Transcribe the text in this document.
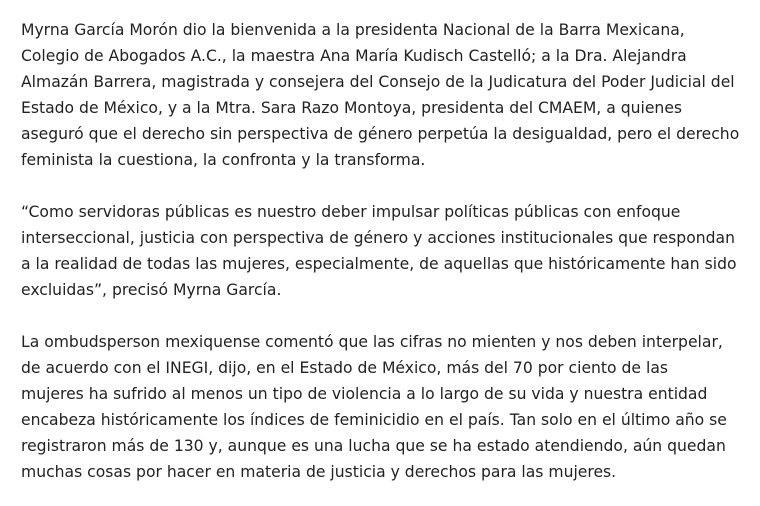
Myrna García Morón dio la bienvenida a la presidenta Nacional de la Barra Mexicana,
Colegio de Abogados A.C., la maestra Ana María Kudisch Castelló; a la Dra. Alejandra
Almazán Barrera, magistrada y consejera del Consejo de la Judicatura del Poder Judicial del
Estado de México, y a la Mtra. Sara Razo Montoya, presidenta del CMAEM, a quienes
aseguró que el derecho sin perspectiva de género perpetúa la desigualdad, pero el derecho
feminista la cuestiona, la confronta y la transforma.

“Como servidoras públicas es nuestro deber impulsar políticas públicas con enfoque
interseccional, justicia con perspectiva de género y acciones institucionales que respondan
a la realidad de todas las mujeres, especialmente, de aquellas que históricamente han sido
excluidas”, precisó Myrna García.

La ombudsperson mexiquense comentó que las cifras no mienten y nos deben interpelar,
de acuerdo con el INEGI, dijo, en el Estado de México, más del 70 por ciento de las
mujeres ha sufrido al menos un tipo de violencia a lo largo de su vida y nuestra entidad
encabeza históricamente los índices de feminicidio en el país. Tan solo en el último año se
registraron más de 130 y, aunque es una lucha que se ha estado atendiendo, aún quedan
muchas cosas por hacer en materia de justicia y derechos para las mujeres.
